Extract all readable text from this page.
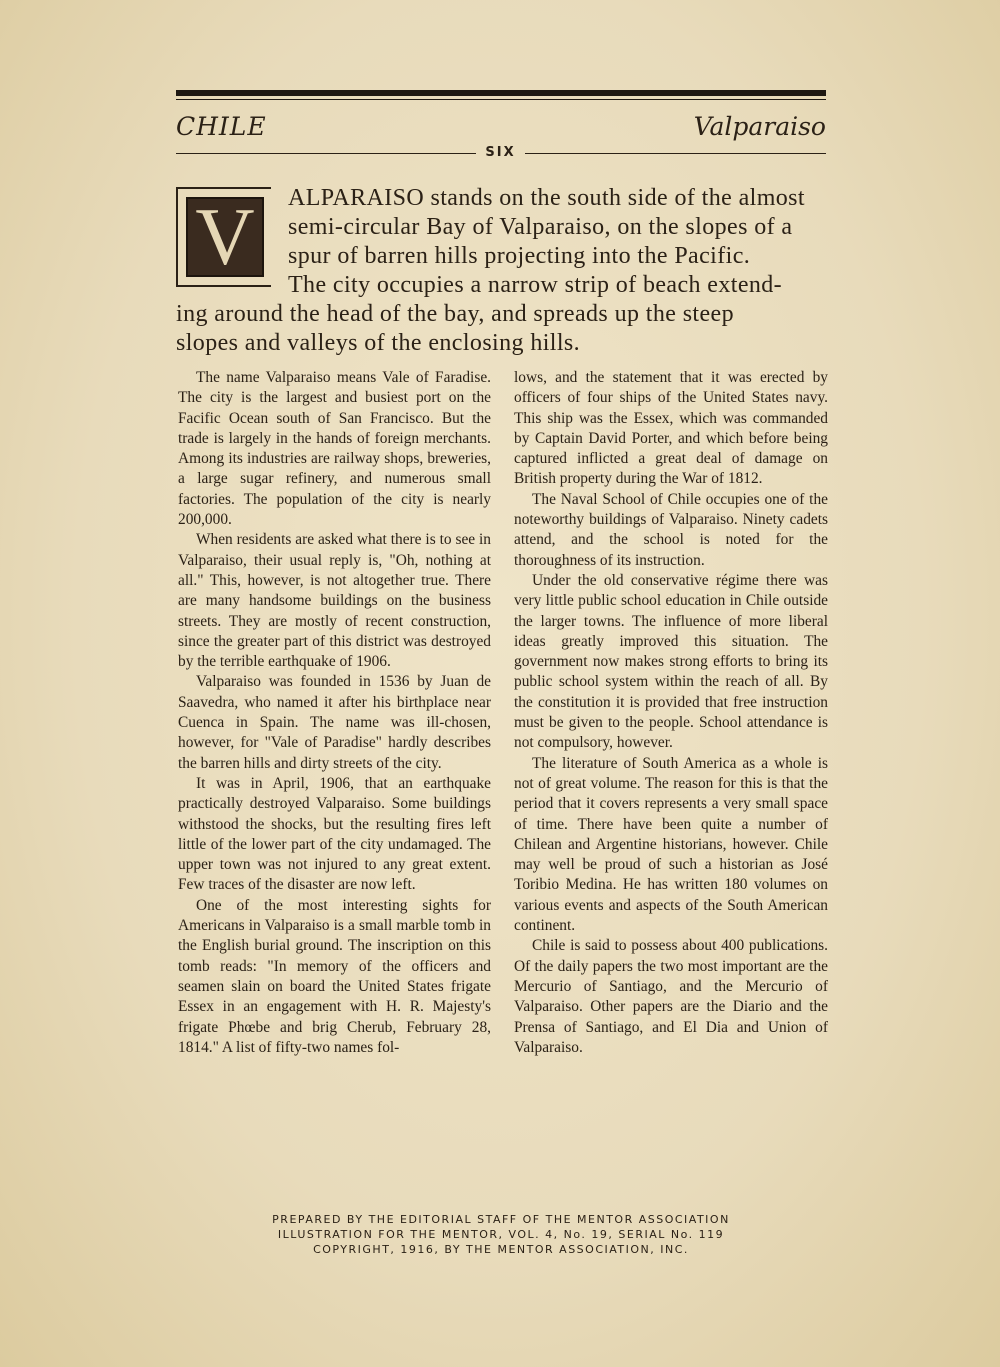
CHILE	Valparaiso
SIX
V ALPARAISO stands on the south side of the almost
semi-circular Bay of Valparaiso, on the slopes of a
spur of barren hills projecting into the Pacific.
The city occupies a narrow strip of beach extend-
ing around the head of the bay, and spreads up the steep
slopes and valleys of the enclosing hills.

The name Valparaiso means Vale of Faradise. The city is the largest and busiest port on the Facific Ocean south of San Francisco. But the trade is largely in the hands of foreign merchants. Among its industries are railway shops, breweries, a large sugar refinery, and numerous small factories. The population of the city is nearly 200,000.

When residents are asked what there is to see in Valparaiso, their usual reply is, "Oh, nothing at all." This, however, is not altogether true. There are many handsome buildings on the business streets. They are mostly of recent construction, since the greater part of this district was destroyed by the terrible earthquake of 1906.

Valparaiso was founded in 1536 by Juan de Saavedra, who named it after his birthplace near Cuenca in Spain. The name was ill-chosen, however, for "Vale of Paradise" hardly describes the barren hills and dirty streets of the city.

It was in April, 1906, that an earthquake practically destroyed Valparaiso. Some buildings withstood the shocks, but the resulting fires left little of the lower part of the city undamaged. The upper town was not injured to any great extent. Few traces of the disaster are now left.

One of the most interesting sights for Americans in Valparaiso is a small marble tomb in the English burial ground. The inscription on this tomb reads: "In memory of the officers and seamen slain on board the United States frigate Essex in an engagement with H. R. Majesty's frigate Phœbe and brig Cherub, February 28, 1814." A list of fifty-two names fol-

lows, and the statement that it was erected by officers of four ships of the United States navy. This ship was the Essex, which was commanded by Captain David Porter, and which before being captured inflicted a great deal of damage on British property during the War of 1812.

The Naval School of Chile occupies one of the noteworthy buildings of Valparaiso. Ninety cadets attend, and the school is noted for the thoroughness of its instruction.

Under the old conservative régime there was very little public school education in Chile outside the larger towns. The influence of more liberal ideas greatly improved this situation. The government now makes strong efforts to bring its public school system within the reach of all. By the constitution it is provided that free instruction must be given to the people. School attendance is not compulsory, however.

The literature of South America as a whole is not of great volume. The reason for this is that the period that it covers represents a very small space of time. There have been quite a number of Chilean and Argentine historians, however. Chile may well be proud of such a historian as José Toribio Medina. He has written 180 volumes on various events and aspects of the South American continent.

Chile is said to possess about 400 publications. Of the daily papers the two most important are the Mercurio of Santiago, and the Mercurio of Valparaiso. Other papers are the Diario and the Prensa of Santiago, and El Dia and Union of Valparaiso.

PREPARED BY THE EDITORIAL STAFF OF THE MENTOR ASSOCIATION
ILLUSTRATION FOR THE MENTOR, VOL. 4, No. 19, SERIAL No. 119
COPYRIGHT, 1916, BY THE MENTOR ASSOCIATION, INC.
